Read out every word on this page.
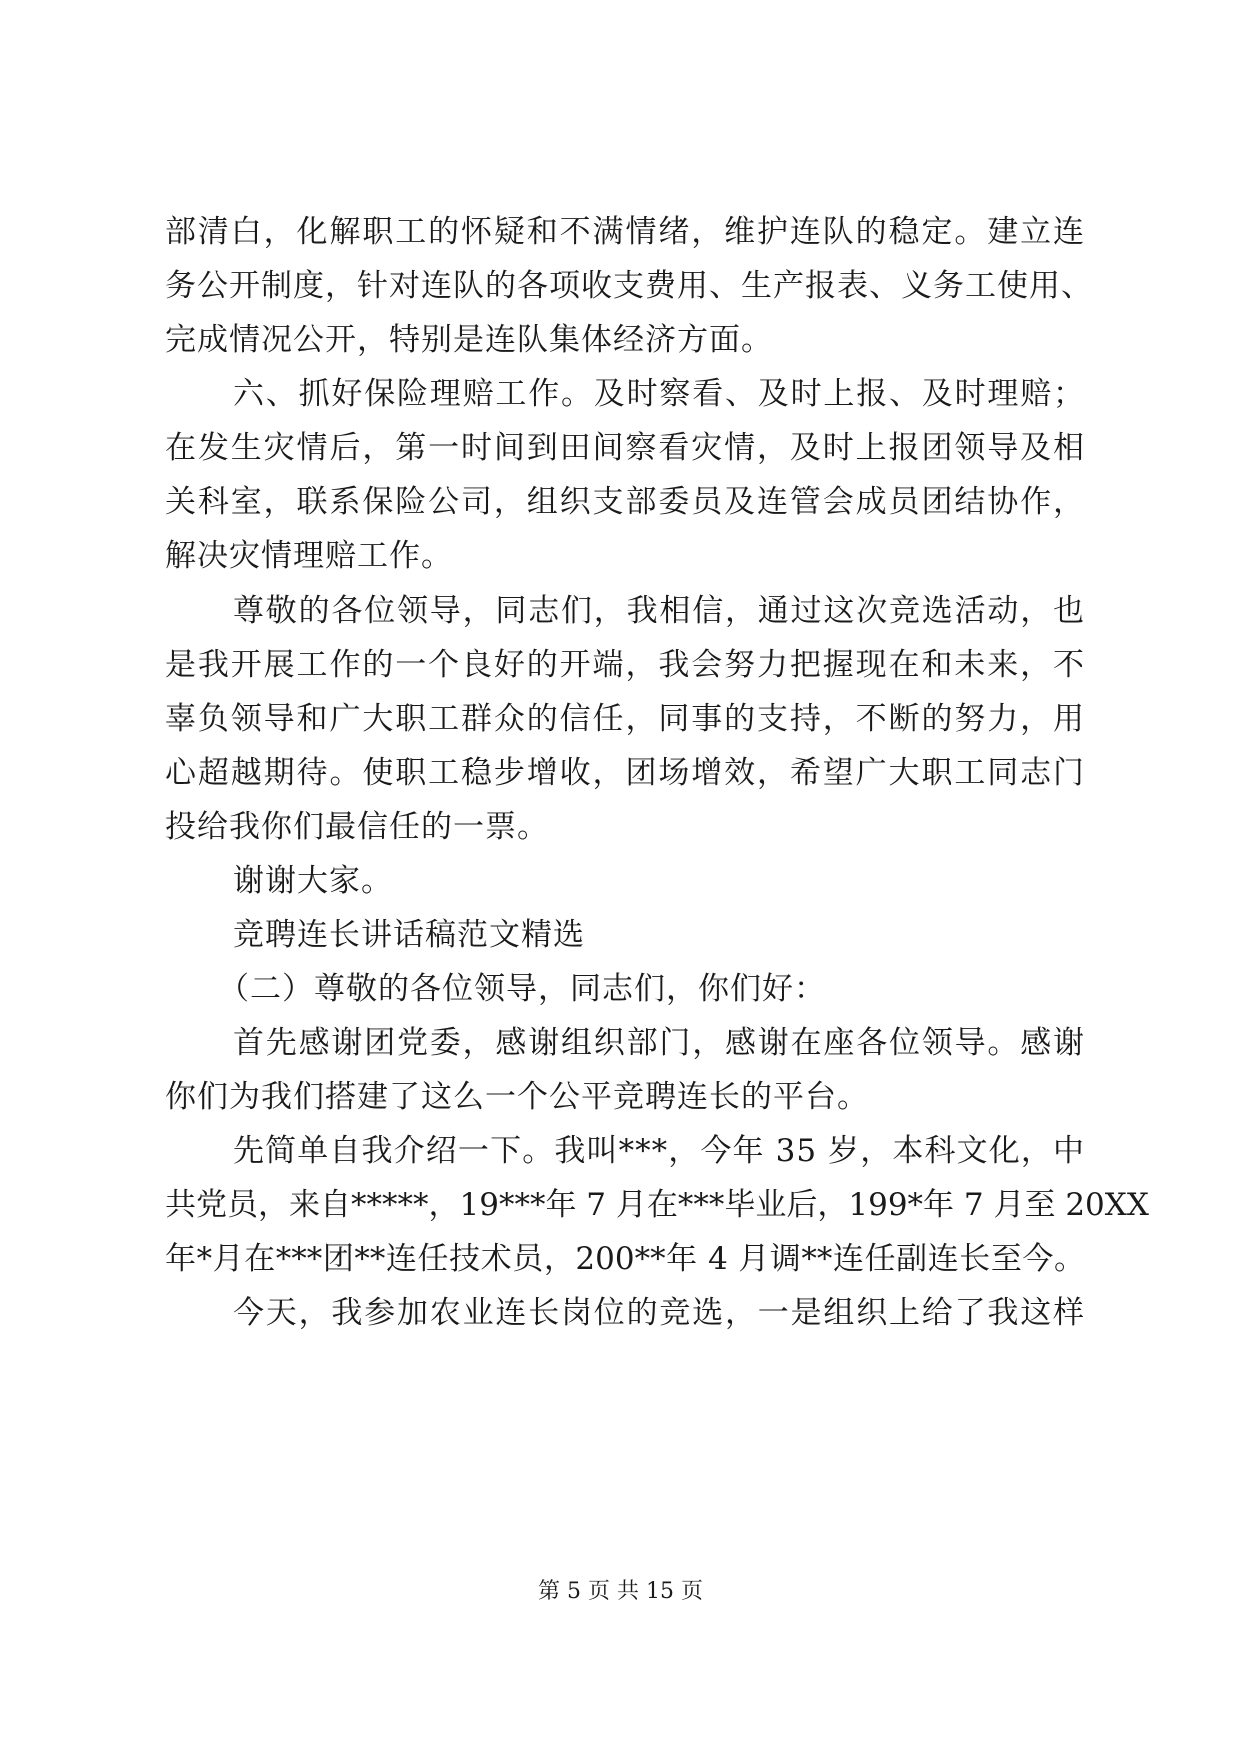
部清白，化解职工的怀疑和不满情绪，维护连队的稳定。建立连
务公开制度，针对连队的各项收支费用、生产报表、义务工使用、
完成情况公开，特别是连队集体经济方面。
六、抓好保险理赔工作。及时察看、及时上报、及时理赔；
在发生灾情后，第一时间到田间察看灾情，及时上报团领导及相
关科室，联系保险公司，组织支部委员及连管会成员团结协作，
解决灾情理赔工作。
尊敬的各位领导，同志们，我相信，通过这次竞选活动，也
是我开展工作的一个良好的开端，我会努力把握现在和未来，不
辜负领导和广大职工群众的信任，同事的支持，不断的努力，用
心超越期待。使职工稳步增收，团场增效，希望广大职工同志门
投给我你们最信任的一票。
谢谢大家。
竞聘连长讲话稿范文精选
（二）尊敬的各位领导，同志们，你们好：
首先感谢团党委，感谢组织部门，感谢在座各位领导。感谢
你们为我们搭建了这么一个公平竞聘连长的平台。
先简单自我介绍一下。我叫***，今年 35 岁，本科文化，中
共党员，来自*****，19***年 7 月在***毕业后，199*年 7 月至 20XX
年*月在***团**连任技术员，200**年 4 月调**连任副连长至今。
今天，我参加农业连长岗位的竞选，一是组织上给了我这样
第 5 页 共 15 页
